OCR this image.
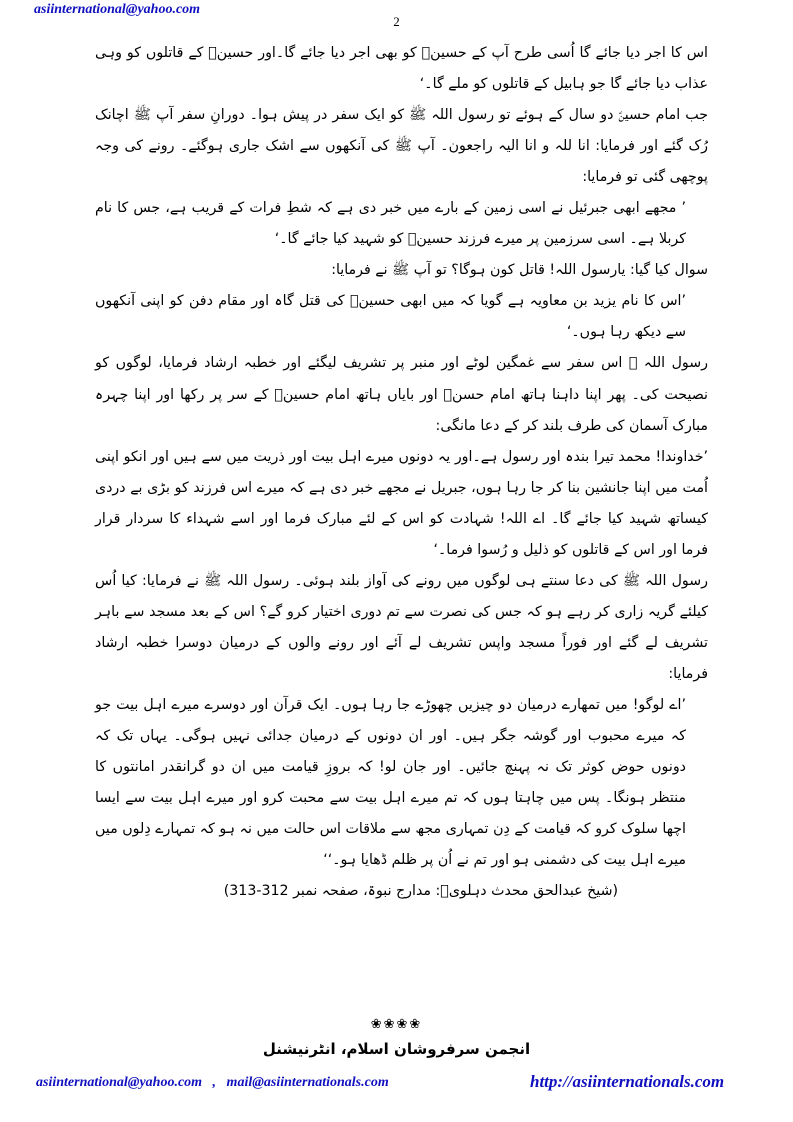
asiinternational@yahoo.com
2

اس کا اجر دیا جائے گا اُسی طرح آپ کے حسینؑ کو بھی اجر دیا جائے گا۔اور حسینؑ کے قاتلوں کو وہی عذاب دیا جائے گا جو ہابیل کے قاتلوں کو ملے گا۔‘

جب امام حسینؑ دو سال کے ہوئے تو رسول اللہ ﷺ کو ایک سفر در پیش ہوا۔ دورانِ سفر آپ ﷺ اچانک رُک گئے اور فرمایا: انا للہ و انا الیہ راجعون۔ آپ ﷺ کی آنکھوں سے اشک جاری ہوگئے۔ رونے کی وجہ پوچھی گئی تو فرمایا:

’ مجھے ابھی جبرئیل نے اسی زمین کے بارے میں خبر دی ہے کہ شطِ فرات کے قریب ہے، جس کا نام کربلا ہے۔ اسی سرزمین پر میرے فرزند حسینؑ کو شہید کیا جائے گا۔‘

سوال کیا گیا: یارسول اللہ! قاتل کون ہوگا؟ تو آپ ﷺ نے فرمایا:

’اس کا نام یزید بن معاویہ ہے گویا کہ میں ابھی حسینؑ کی قتل گاہ اور مقام دفن کو اپنی آنکھوں سے دیکھ رہا ہوں۔‘

رسول اللہ ﷺ اس سفر سے غمگین لوٹے اور منبر پر تشریف لیگئے اور خطبہ ارشاد فرمایا، لوگوں کو نصیحت کی۔ پھر اپنا داہنا ہاتھ امام حسنؑ اور بایاں ہاتھ امام حسینؑ کے سر پر رکھا اور اپنا چہرہ مبارک آسمان کی طرف بلند کر کے دعا مانگی:

’خداوندا! محمد تیرا بندہ اور رسول ہے۔اور یہ دونوں میرے اہل بیت اور ذریت میں سے ہیں اور انکو اپنی اُمت میں اپنا جانشین بنا کر جا رہا ہوں، جبریل نے مجھے خبر دی ہے کہ میرے اس فرزند کو بڑی بے دردی کیساتھ شہید کیا جائے گا۔ اے اللہ! شہادت کو اس کے لئے مبارک فرما اور اسے شہداء کا سردار قرار فرما اور اس کے قاتلوں کو ذلیل و رُسوا فرما۔‘

رسول اللہ ﷺ کی دعا سنتے ہی لوگوں میں رونے کی آواز بلند ہوئی۔ رسول اللہ ﷺ نے فرمایا: کیا اُس کیلئے گریہ زاری کر رہے ہو کہ جس کی نصرت سے تم دوری اختیار کرو گے؟ اس کے بعد مسجد سے باہر تشریف لے گئے اور فوراً مسجد واپس تشریف لے آئے اور رونے والوں کے درمیان دوسرا خطبہ ارشاد فرمایا:

’اے لوگو! میں تمھارے درمیان دو چیزیں چھوڑے جا رہا ہوں۔ ایک قرآن اور دوسرے میرے اہل بیت جو کہ میرے محبوب اور گوشہ جگر ہیں۔ اور ان دونوں کے درمیان جدائی نہیں ہوگی۔ یہاں تک کہ دونوں حوض کوثر تک نہ پہنچ جائیں۔ اور جان لو! کہ بروزِ قیامت میں ان دو گرانقدر امانتوں کا منتظر ہونگا۔ پس میں چاہتا ہوں کہ تم میرے اہل بیت سے محبت کرو اور میرے اہل بیت سے ایسا اچھا سلوک کرو کہ قیامت کے دِن تمہاری مجھ سے ملاقات اس حالت میں نہ ہو کہ تمہارے دِلوں میں میرے اہل بیت کی دشمنی ہو اور تم نے اُن پر ظلم ڈھایا ہو۔‘‘

(شیخ عبدالحق محدث دہلویؒ: مدارج نبوۃ، صفحہ نمبر 312-313)

❀❀❀❀
انجمن سرفروشان اسلام، انٹرنیشنل
asiinternational@yahoo.com   ,   mail@asiinternationals.com	http://asiinternationals.com
